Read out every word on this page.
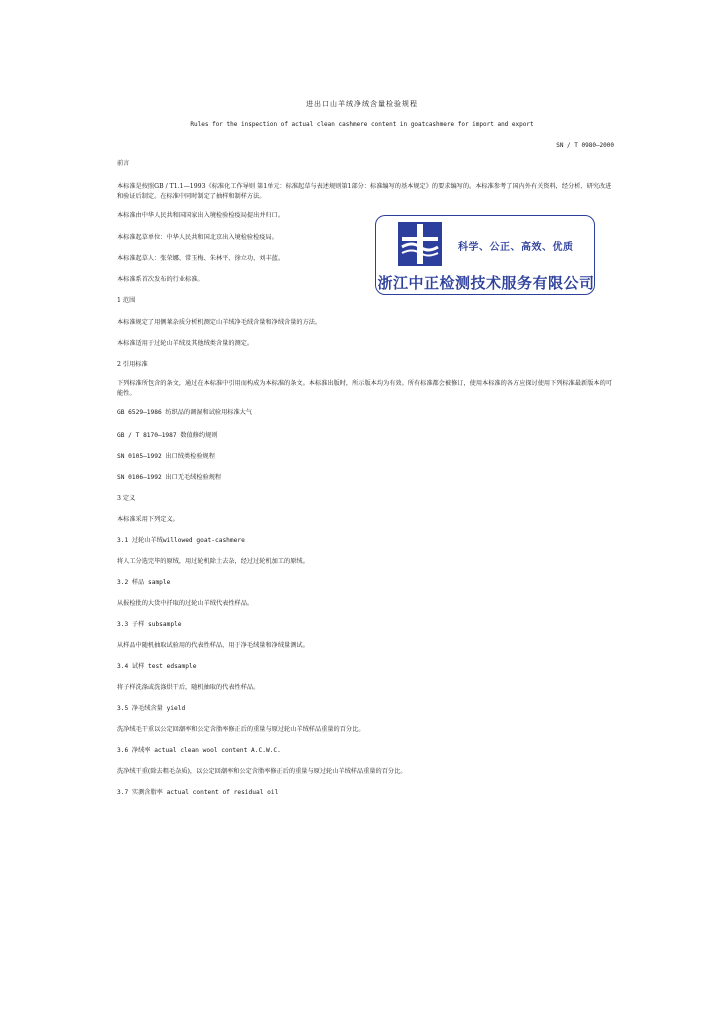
进出口山羊绒净绒含量检验规程
Rules for the inspection of actual clean cashmere content in goatcashmere for import and export
SN / T 0980—2000
前言
本标准是按照GB / T1.1—1993《标准化工作导则 第1单元：标准起草与表述规则第1部分：标准编写的基本规定》的要求编写的。本标准参考了国内外有关资料，经分析、研究改进和验证后制定。在标准中同时制定了抽样和制样方法。
本标准由中华人民共和国国家出入境检验检疫局提出并归口。
本标准起草单位：中华人民共和国北京出入境检验检疫局。
本标准起草人：张荣娜、常玉梅、朱林平、徐立功、刘丰蓝。
本标准系首次发布的行业标准。
1 范围
本标准规定了用侧莱杂质分析机测定山羊绒净毛绒含量和净绒含量的方法。
本标准适用于过轮山羊绒及其他绒类含量的测定。
2 引用标准
下列标准所包含的条文，通过在本标准中引用而构成为本标准的条文。本标准出版时，所示版本均为有效。所有标准都会被修订，使用本标准的各方应探讨使用下列标准最新版本的可能性。
GB 6529—1986 纺织品的调湿和试验用标准大气
GB / T 8170—1987 数值修约规则
SN 0105—1992 出口绒类检验规程
SN 0106—1992 出口无毛绒检验规程
3 定义
本标准采用下列定义。
3.1 过轮山羊绒willowed goat-cashmere
将人工分选完毕的原绒，用过轮机除土去杂，经过过轮机加工的原绒。
3.2 样品 sample
从报检批的大货中扦取的过轮山羊绒代表性样品。
3.3 子样 subsample
从样品中随机抽取试验用的代表性样品，用于净毛绒量和净绒量测试。
3.4 试样 test edsample
将子样洗涤或洗涤烘干后，随机抽取的代表性样品。
3.5 净毛绒含量 yield
洗净绒毛干重以公定回潮率和公定含脂率修正后的重量与原过轮山羊绒样品重量的百分比。
3.6 净绒率 actual clean wool content A.C.W.C.
洗净绒干重(除去粗毛杂质)，以公定回潮率和公定含脂率修正后的重量与原过轮山羊绒样品重量的百分比。
3.7 实测含脂率 actual content of residual oil
中 正 检 测
科学、公正、高效、优质
浙江中正检测技术服务有限公司
